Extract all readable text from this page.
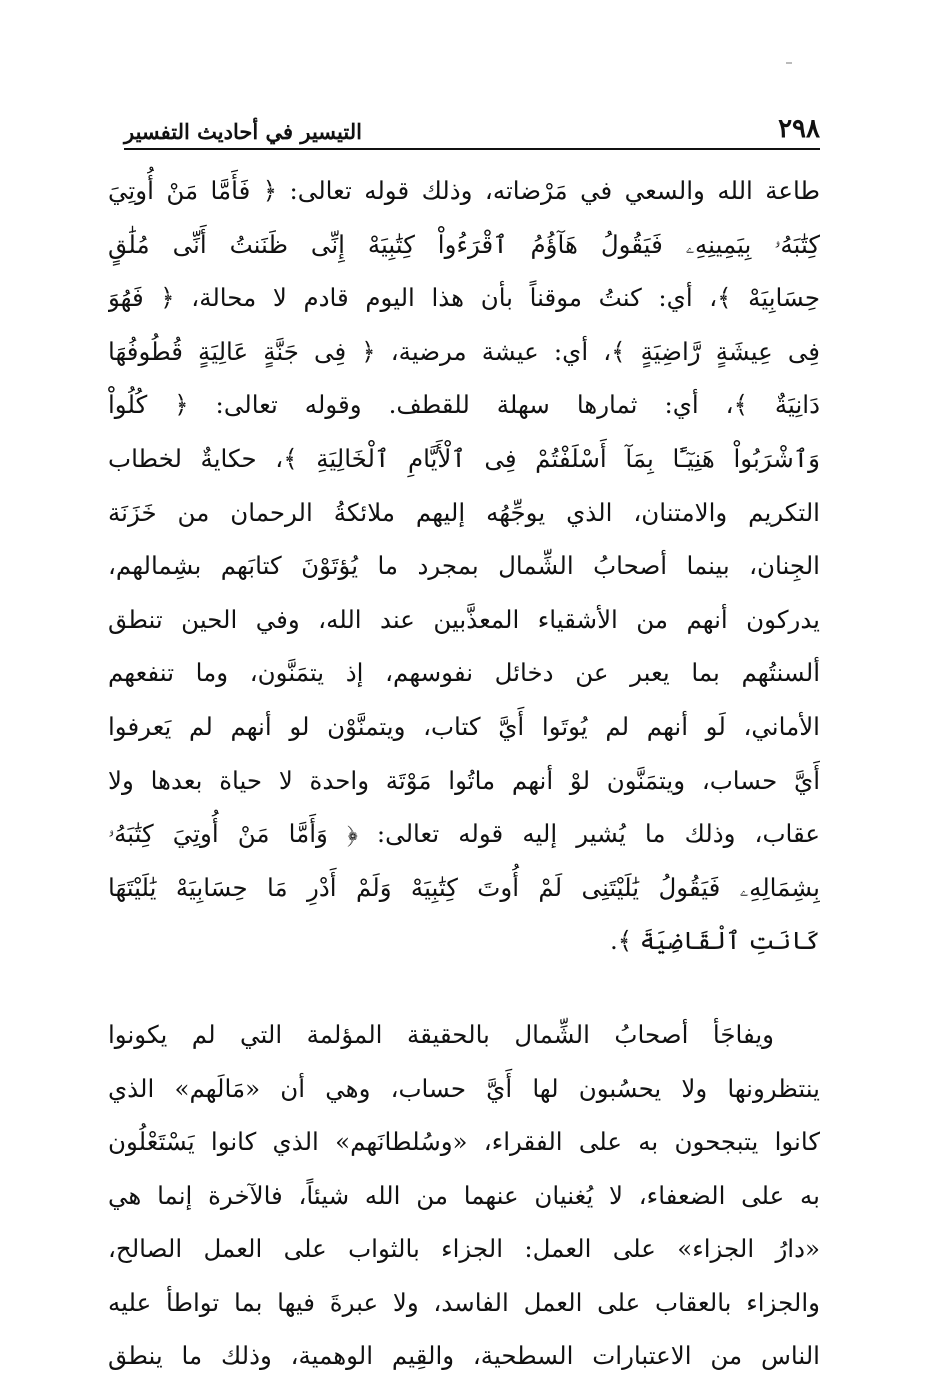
٢٩٨
التيسير في أحاديث التفسير
طاعة الله والسعي في مَرْضاته، وذلك قوله تعالى: ﴿ فَأَمَّا مَنْ أُوتِيَ
كِتَٰبَهُۥ بِيَمِينِهِۦ فَيَقُولُ هَآؤُمُ ٱقْرَءُواْ كِتَٰبِيَهْ إِنِّى ظَنَنتُ أَنِّى مُلَٰقٍ
حِسَابِيَهْ ﴾، أي: كنتُ موقناً بأن هذا اليوم قادم لا محالة، ﴿ فَهُوَ
فِى عِيشَةٍ رَّاضِيَةٍ ﴾، أي: عيشة مرضية، ﴿ فِى جَنَّةٍ عَالِيَةٍ قُطُوفُهَا
دَانِيَةٌ ﴾، أي: ثمارها سهلة للقطف. وقوله تعالى: ﴿ كُلُواْ
وَٱشْرَبُواْ هَنِيٓـًٔا بِمَآ أَسْلَفْتُمْ فِى ٱلْأَيَّامِ ٱلْخَالِيَةِ ﴾، حكايةٌ لخطاب
التكريم والامتنان، الذي يوجِّهُه إليهم ملائكةُ الرحمان من خَزَنَة
الجِنان، بينما أصحابُ الشِّمال بمجرد ما يُؤتَوْنَ كتابَهم بشِمالهم،
يدركون أنهم من الأشقياء المعذَّبين عند الله، وفي الحين تنطق
ألسنتُهم بما يعبر عن دخائل نفوسهم، إذ يتمَنَّون، وما تنفعهم
الأماني، لَو أنهم لم يُوتَوا أَيَّ كتاب، ويتمنَّوْن لو أنهم لم يَعرفوا
أَيَّ حساب، ويتمَنَّون لوْ أنهم ماتُوا مَوْتَة واحدة لا حياة بعدها ولا
عقاب، وذلك ما يُشير إليه قوله تعالى: ﴿ وَأَمَّا مَنْ أُوتِيَ كِتَٰبَهُۥ
بِشِمَالِهِۦ فَيَقُولُ يَٰلَيْتَنِى لَمْ أُوتَ كِتَٰبِيَهْ وَلَمْ أَدْرِ مَا حِسَابِيَهْ يَٰلَيْتَهَا
كَانَتِ ٱلْقَاضِيَةَ ﴾.
ويفاجَأ أصحابُ الشِّمال بالحقيقة المؤلمة التي لم يكونوا
ينتظرونها ولا يحسُبون لها أَيَّ حساب، وهي أن «مَالَهم» الذي
كانوا يتبجحون به على الفقراء، «وسُلطانَهم» الذي كانوا يَسْتَعْلُون
به على الضعفاء، لا يُغنيان عنهما من الله شيئاً، فالآخرة إنما هي
«دارُ الجزاء» على العمل: الجزاء بالثواب على العمل الصالح،
والجزاء بالعقاب على العمل الفاسد، ولا عبرةَ فيها بما تواطأ عليه
الناس من الاعتبارات السطحية، والقِيم الوهمية، وذلك ما ينطق
